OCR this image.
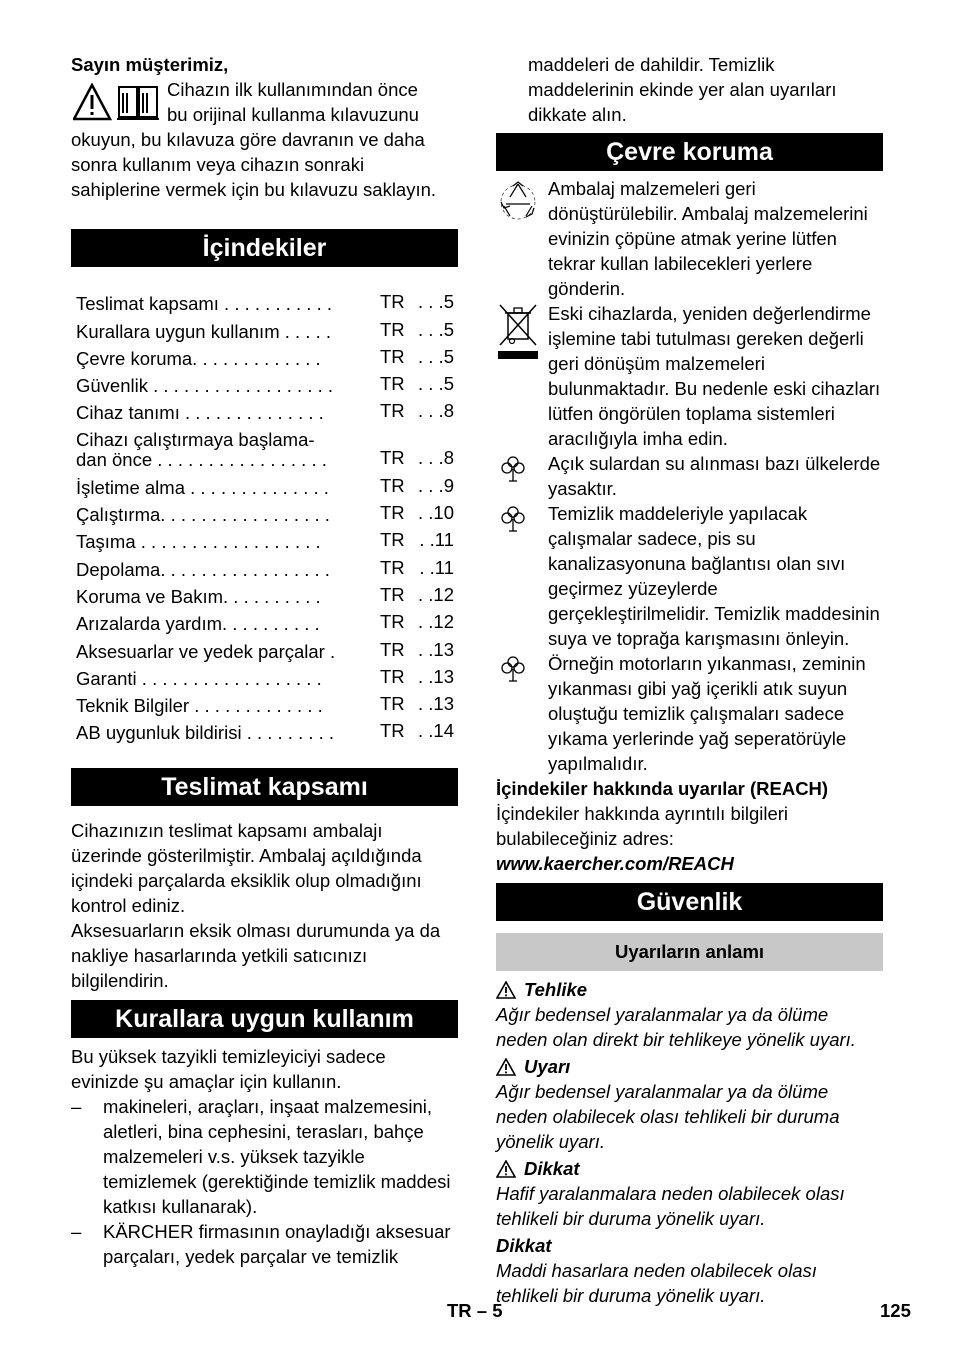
Sayın müşterimiz,

Cihazın ilk kullanımından önce

bu orijinal kullanma kılavuzunu

okuyun, bu kılavuza göre davranın ve daha sonra kullanım veya cihazın sonraki sahiplerine vermek için bu kılavuzu saklayın.

İçindekiler
Teslimat kapsamı . . . . . . . . . . .	TR . . .5
Kurallara uygun kullanım . . . . .	TR . . .5
Çevre koruma. . . . . . . . . . . . .	TR . . .5
Güvenlik . . . . . . . . . . . . . . . . . .	TR . . .5
Cihaz tanımı . . . . . . . . . . . . . .	TR . . .8
Cihazı çalıştırmaya başlama-
dan önce . . . . . . . . . . . . . . . . .	TR . . .8
İşletime alma . . . . . . . . . . . . . .	TR . . .9
Çalıştırma. . . . . . . . . . . . . . . . .	TR . .10
Taşıma . . . . . . . . . . . . . . . . . .	TR . .11
Depolama. . . . . . . . . . . . . . . . .	TR . .11
Koruma ve Bakım. . . . . . . . . .	TR . .12
Arızalarda yardım. . . . . . . . . .	TR . .12
Aksesuarlar ve yedek parçalar .	TR . .13
Garanti . . . . . . . . . . . . . . . . . .	TR . .13
Teknik Bilgiler . . . . . . . . . . . . .	TR . .13
AB uygunluk bildirisi . . . . . . . . .	TR . .14
Teslimat kapsamı

Cihazınızın teslimat kapsamı ambalajı üzerinde gösterilmiştir. Ambalaj açıldığında içindeki parçalarda eksiklik olup olmadığını kontrol ediniz.

Aksesuarların eksik olması durumunda ya da nakliye hasarlarında yetkili satıcınızı bilgilendirin.

Kurallara uygun kullanım

Bu yüksek tazyikli temizleyiciyi sadece evinizde şu amaçlar için kullanın.

–	makineleri, araçları, inşaat malzemesini, aletleri, bina cephesini, terasları, bahçe malzemeleri v.s. yüksek tazyikle temizlemek (gerektiğinde temizlik maddesi katkısı kullanarak).
–	KÄRCHER firmasının onayladığı aksesuar parçaları, yedek parçalar ve temizlik
maddeleri de dahildir. Temizlik maddelerinin ekinde yer alan uyarıları dikkate alın.
Çevre koruma

Ambalaj malzemeleri geri dönüştürülebilir. Ambalaj malzemelerini evinizin çöpüne atmak yerine lütfen tekrar kullan labilecekleri yerlere gönderin.

Eski cihazlarda, yeniden değerlendirme işlemine tabi tutulması gereken değerli geri dönüşüm malzemeleri bulunmaktadır. Bu nedenle eski cihazları lütfen öngörülen toplama sistemleri aracılığıyla imha edin.

Açık sulardan su alınması bazı ülkelerde yasaktır.

Temizlik maddeleriyle yapılacak çalışmalar sadece, pis su kanalizasyonuna bağlantısı olan sıvı geçirmez yüzeylerde gerçekleştirilmelidir. Temizlik maddesinin suya ve toprağa karışmasını önleyin.

Örneğin motorların yıkanması, zeminin yıkanması gibi yağ içerikli atık suyun oluştuğu temizlik çalışmaları sadece yıkama yerlerinde yağ seperatörüyle yapılmalıdır.

İçindekiler hakkında uyarılar (REACH)

İçindekiler hakkında ayrıntılı bilgileri bulabileceğiniz adres:

www.kaercher.com/REACH

Güvenlik
Uyarıların anlamı
Tehlike

Ağır bedensel yaralanmalar ya da ölüme neden olan direkt bir tehlikeye yönelik uyarı.

Uyarı

Ağır bedensel yaralanmalar ya da ölüme neden olabilecek olası tehlikeli bir duruma yönelik uyarı.

Dikkat

Hafif yaralanmalara neden olabilecek olası tehlikeli bir duruma yönelik uyarı.

Dikkat

Maddi hasarlara neden olabilecek olası tehlikeli bir duruma yönelik uyarı.

TR – 5	125
